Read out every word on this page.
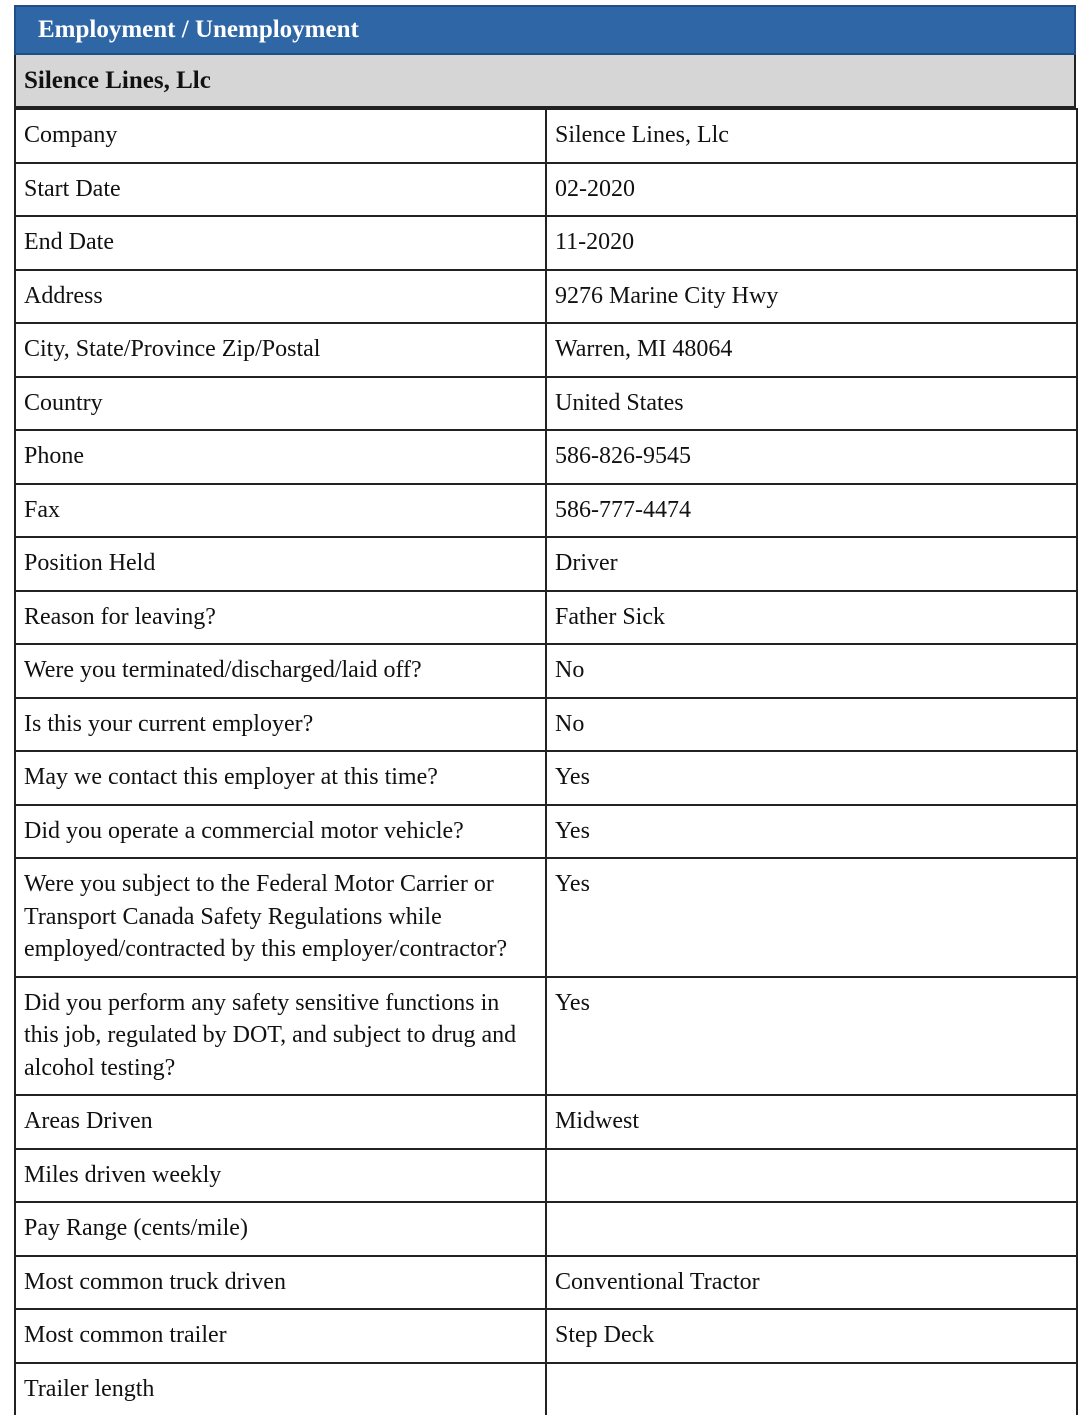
Employment / Unemployment
Silence Lines, Llc
Company	Silence Lines, Llc
Start Date	02-2020
End Date	11-2020
Address	9276 Marine City Hwy
City, State/Province Zip/Postal	Warren, MI 48064
Country	United States
Phone	586-826-9545
Fax	586-777-4474
Position Held	Driver
Reason for leaving?	Father Sick
Were you terminated/discharged/laid off?	No
Is this your current employer?	No
May we contact this employer at this time?	Yes
Did you operate a commercial motor vehicle?	Yes
Were you subject to the Federal Motor Carrier or Transport Canada Safety Regulations while employed/contracted by this employer/contractor?	Yes
Did you perform any safety sensitive functions in this job, regulated by DOT, and subject to drug and alcohol testing?	Yes
Areas Driven	Midwest
Miles driven weekly	
Pay Range (cents/mile)	
Most common truck driven	Conventional Tractor
Most common trailer	Step Deck
Trailer length	
